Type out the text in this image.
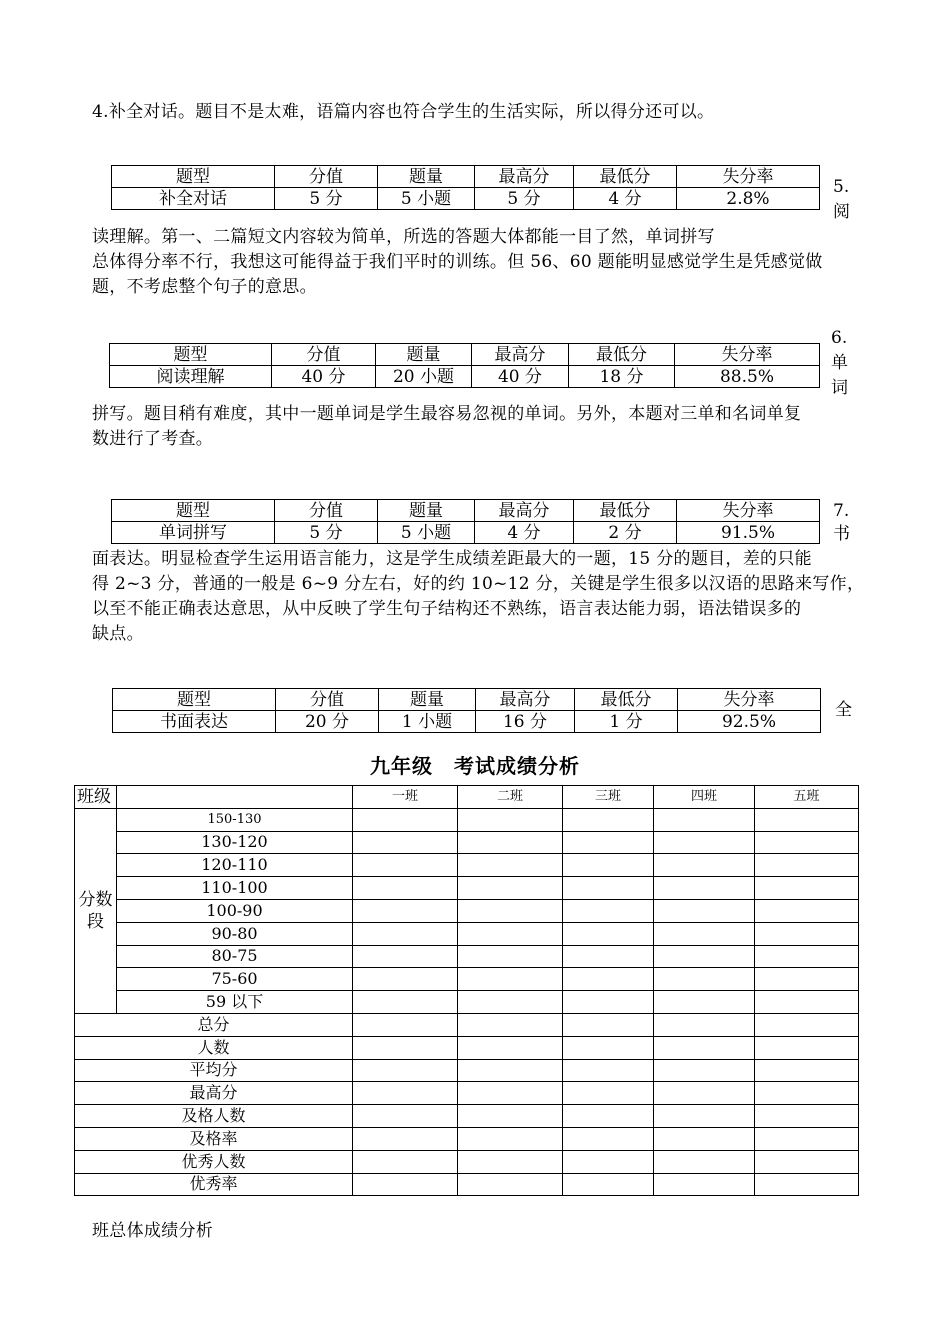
4.补全对话。题目不是太难，语篇内容也符合学生的生活实际，所以得分还可以。
题型	分值	题量	最高分	最低分	失分率
补全对话	5 分	5 小题	5 分	4 分	2.8%
5.
阅
读理解。第一、二篇短文内容较为简单，所选的答题大体都能一目了然，单词拼写
总体得分率不行，我想这可能得益于我们平时的训练。但 56、60 题能明显感觉学生是凭感觉做
题，不考虑整个句子的意思。
题型	分值	题量	最高分	最低分	失分率
阅读理解	40 分	20 小题	40 分	18 分	88.5%
6.
单
词
拼写。题目稍有难度，其中一题单词是学生最容易忽视的单词。另外，本题对三单和名词单复
数进行了考查。
题型	分值	题量	最高分	最低分	失分率
单词拼写	5 分	5 小题	4 分	2 分	91.5%
7.
书
面表达。明显检查学生运用语言能力，这是学生成绩差距最大的一题，15 分的题目，差的只能
得 2~3 分，普通的一般是 6~9 分左右，好的约 10~12 分，关键是学生很多以汉语的思路来写作，
以至不能正确表达意思，从中反映了学生句子结构还不熟练，语言表达能力弱，语法错误多的
缺点。
题型	分值	题量	最高分	最低分	失分率
书面表达	20 分	1 小题	16 分	1 分	92.5%
全
九年级　考试成绩分析
班级		一班	二班	三班	四班	五班
分数段	150-130					
	130-120					
	120-110					
	110-100					
	100-90					
	90-80					
	80-75					
	75-60					
	59 以下					
总分						
人数						
平均分						
最高分						
及格人数						
及格率						
优秀人数						
优秀率						
班总体成绩分析
